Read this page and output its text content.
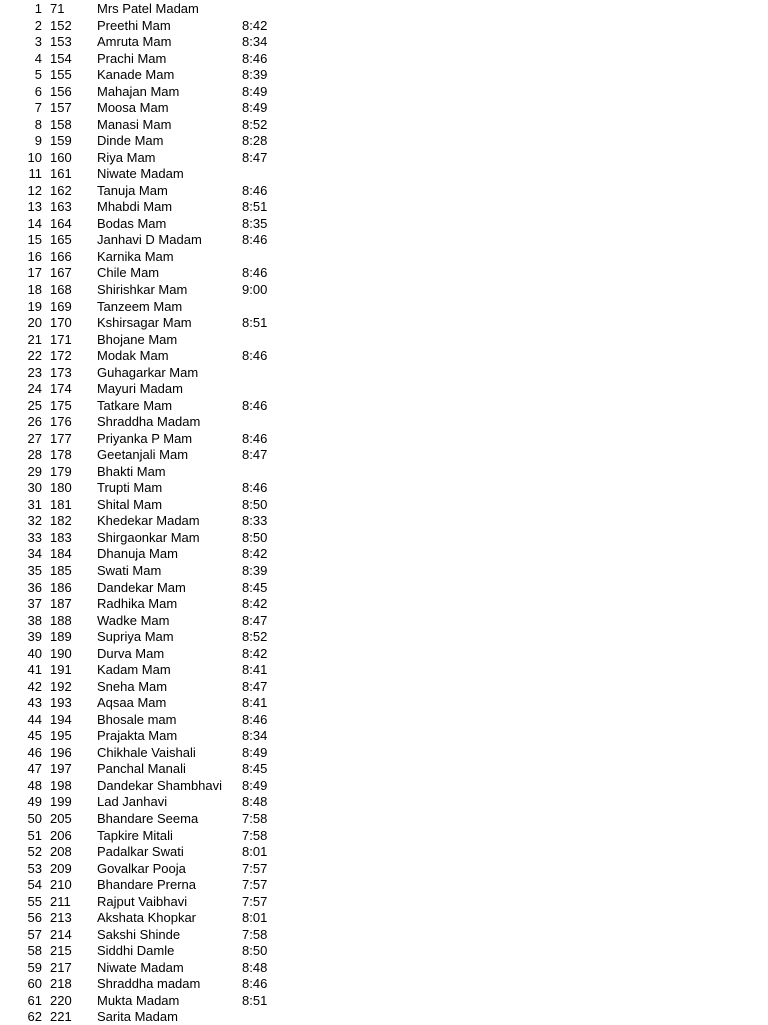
1 71	Mrs Patel Madam
2 152	Preethi Mam	8:42
3 153	Amruta Mam	8:34
4 154	Prachi Mam	8:46
5 155	Kanade Mam	8:39
6 156	Mahajan Mam	8:49
7 157	Moosa Mam	8:49
8 158	Manasi Mam	8:52
9 159	Dinde Mam	8:28
10 160	Riya Mam	8:47
11 161	Niwate Madam
12 162	Tanuja Mam	8:46
13 163	Mhabdi Mam	8:51
14 164	Bodas Mam	8:35
15 165	Janhavi D Madam	8:46
16 166	Karnika Mam
17 167	Chile Mam	8:46
18 168	Shirishkar Mam	9:00
19 169	Tanzeem Mam
20 170	Kshirsagar Mam	8:51
21 171	Bhojane Mam
22 172	Modak Mam	8:46
23 173	Guhagarkar Mam
24 174	Mayuri Madam
25 175	Tatkare Mam	8:46
26 176	Shraddha Madam
27 177	Priyanka P Mam	8:46
28 178	Geetanjali Mam	8:47
29 179	Bhakti Mam
30 180	Trupti Mam	8:46
31 181	Shital Mam	8:50
32 182	Khedekar Madam	8:33
33 183	Shirgaonkar Mam	8:50
34 184	Dhanuja Mam	8:42
35 185	Swati Mam	8:39
36 186	Dandekar Mam	8:45
37 187	Radhika Mam	8:42
38 188	Wadke Mam	8:47
39 189	Supriya Mam	8:52
40 190	Durva Mam	8:42
41 191	Kadam Mam	8:41
42 192	Sneha Mam	8:47
43 193	Aqsaa Mam	8:41
44 194	Bhosale mam	8:46
45 195	Prajakta Mam	8:34
46 196	Chikhale Vaishali	8:49
47 197	Panchal Manali	8:45
48 198	Dandekar Shambhavi	8:49
49 199	Lad Janhavi	8:48
50 205	Bhandare Seema	7:58
51 206	Tapkire Mitali	7:58
52 208	Padalkar Swati	8:01
53 209	Govalkar Pooja	7:57
54 210	Bhandare Prerna	7:57
55 211	Rajput Vaibhavi	7:57
56 213	Akshata Khopkar	8:01
57 214	Sakshi Shinde	7:58
58 215	Siddhi Damle	8:50
59 217	Niwate Madam	8:48
60 218	Shraddha madam	8:46
61 220	Mukta Madam	8:51
62 221	Sarita Madam
